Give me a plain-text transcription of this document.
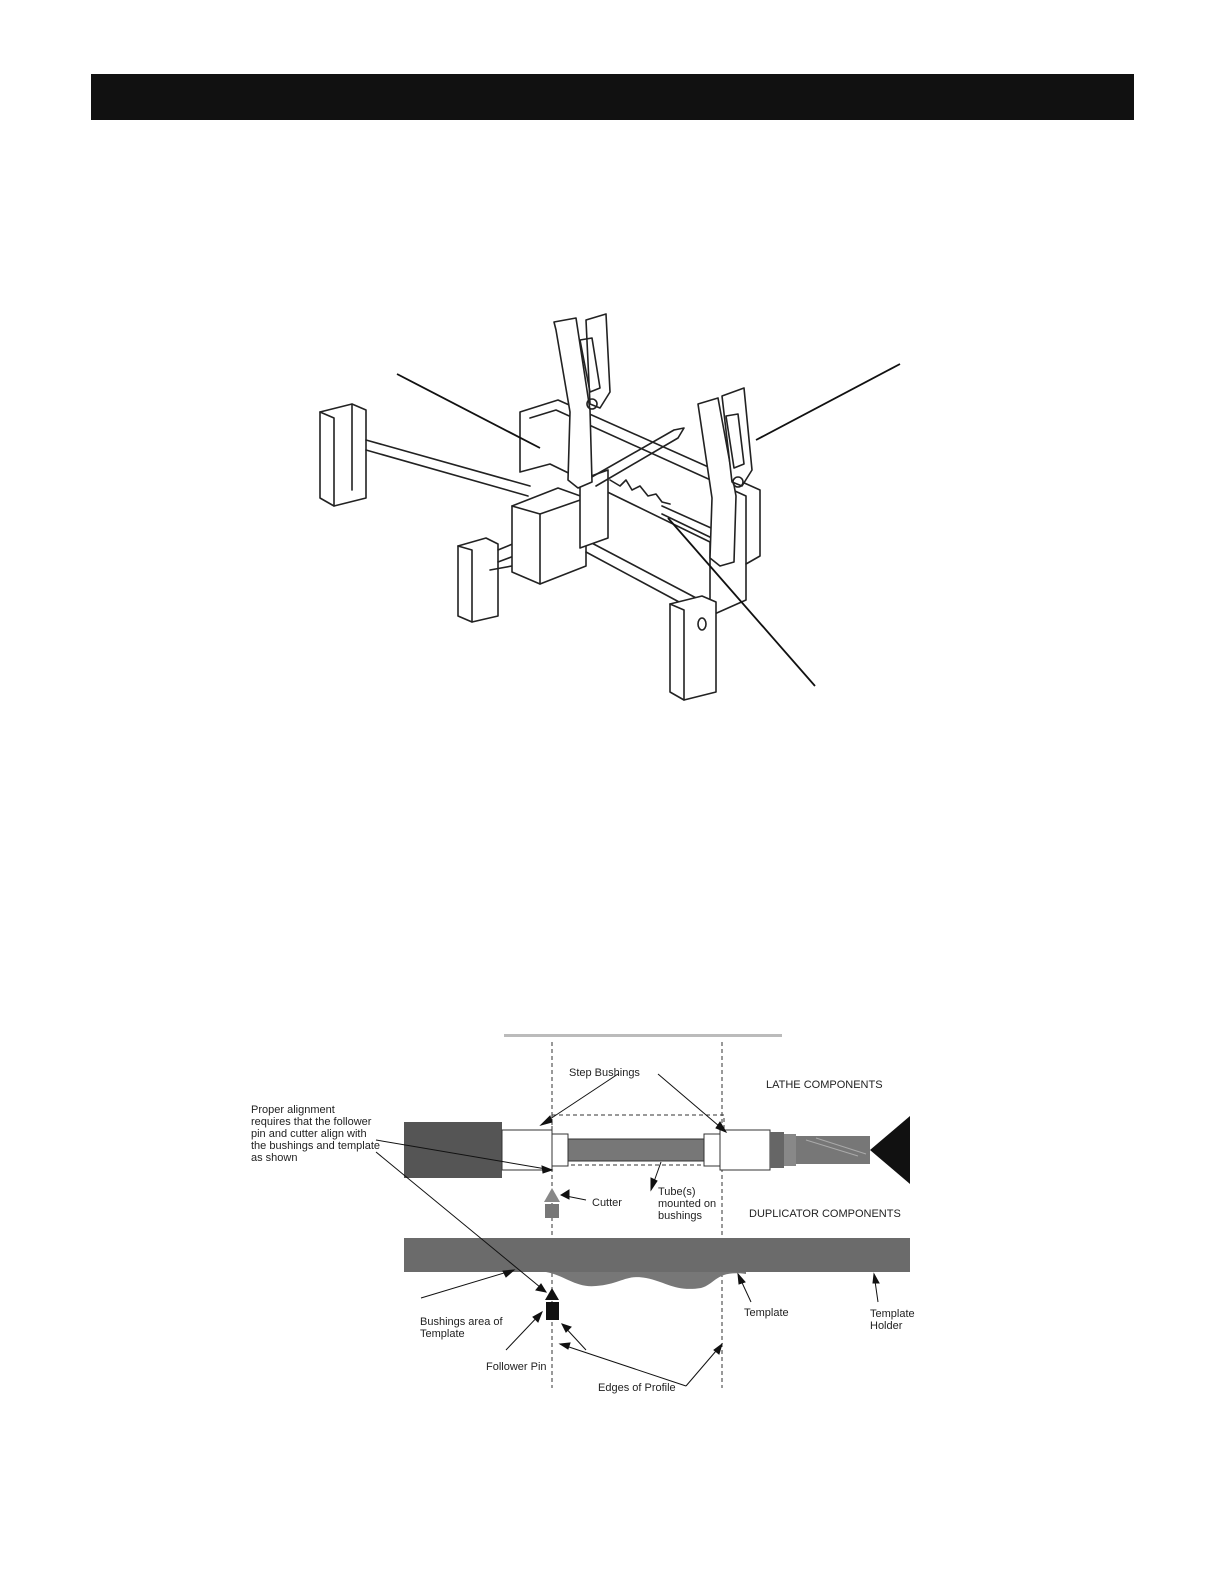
Step Bushings
LATHE COMPONENTS
Proper alignment
requires that the follower
pin and cutter align with
the bushings and template
as shown
Cutter
Tube(s)
mounted on
bushings	DUPLICATOR COMPONENTS
Bushings area of
Template
Template	Template
Holder
Follower Pin
Edges of Profile
